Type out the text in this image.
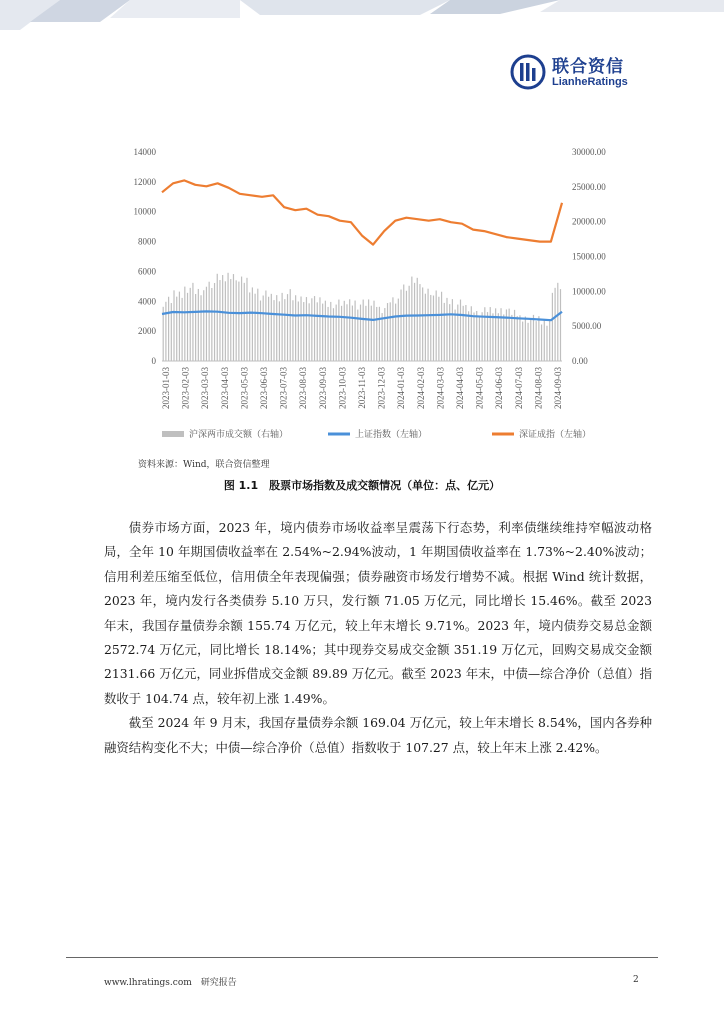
联合资信
LianheRatings
0
2000
4000
6000
8000
10000
12000
14000
0.00
5000.00
10000.00
15000.00
20000.00
25000.00
30000.00
2023-01-03 2023-02-03 2023-03-03 2023-04-03 2023-05-03 2023-06-03 2023-07-03 2023-08-03 2023-09-03 2023-10-03 2023-11-03 2023-12-03 2024-01-03 2024-02-03 2024-03-03 2024-04-03 2024-05-03 2024-06-03 2024-07-03 2024-08-03 2024-09-03
沪深两市成交额（右轴）	上证指数（左轴）	深证成指（左轴）
资料来源：Wind，联合资信整理
图 1.1　股票市场指数及成交额情况（单位：点、亿元）

债券市场方面，2023 年，境内债券市场收益率呈震荡下行态势，利率债继续维持窄幅波动格局，全年 10 年期国债收益率在 2.54%~2.94%波动，1 年期国债收益率在 1.73%~2.40%波动；信用利差压缩至低位，信用债全年表现偏强；债券融资市场发行增势不减。根据 Wind 统计数据，2023 年，境内发行各类债券 5.10 万只，发行额 71.05 万亿元，同比增长 15.46%。截至 2023 年末，我国存量债券余额 155.74 万亿元，较上年末增长 9.71%。2023 年，境内债券交易总金额 2572.74 万亿元，同比增长 18.14%；其中现券交易成交金额 351.19 万亿元，回购交易成交金额 2131.66 万亿元，同业拆借成交金额 89.89 万亿元。截至 2023 年末，中债—综合净价（总值）指数收于 104.74 点，较年初上涨 1.49%。

截至 2024 年 9 月末，我国存量债券余额 169.04 万亿元，较上年末增长 8.54%，国内各券种融资结构变化不大；中债—综合净价（总值）指数收于 107.27 点，较上年末上涨 2.42%。

www.lhratings.com　研究报告	2
